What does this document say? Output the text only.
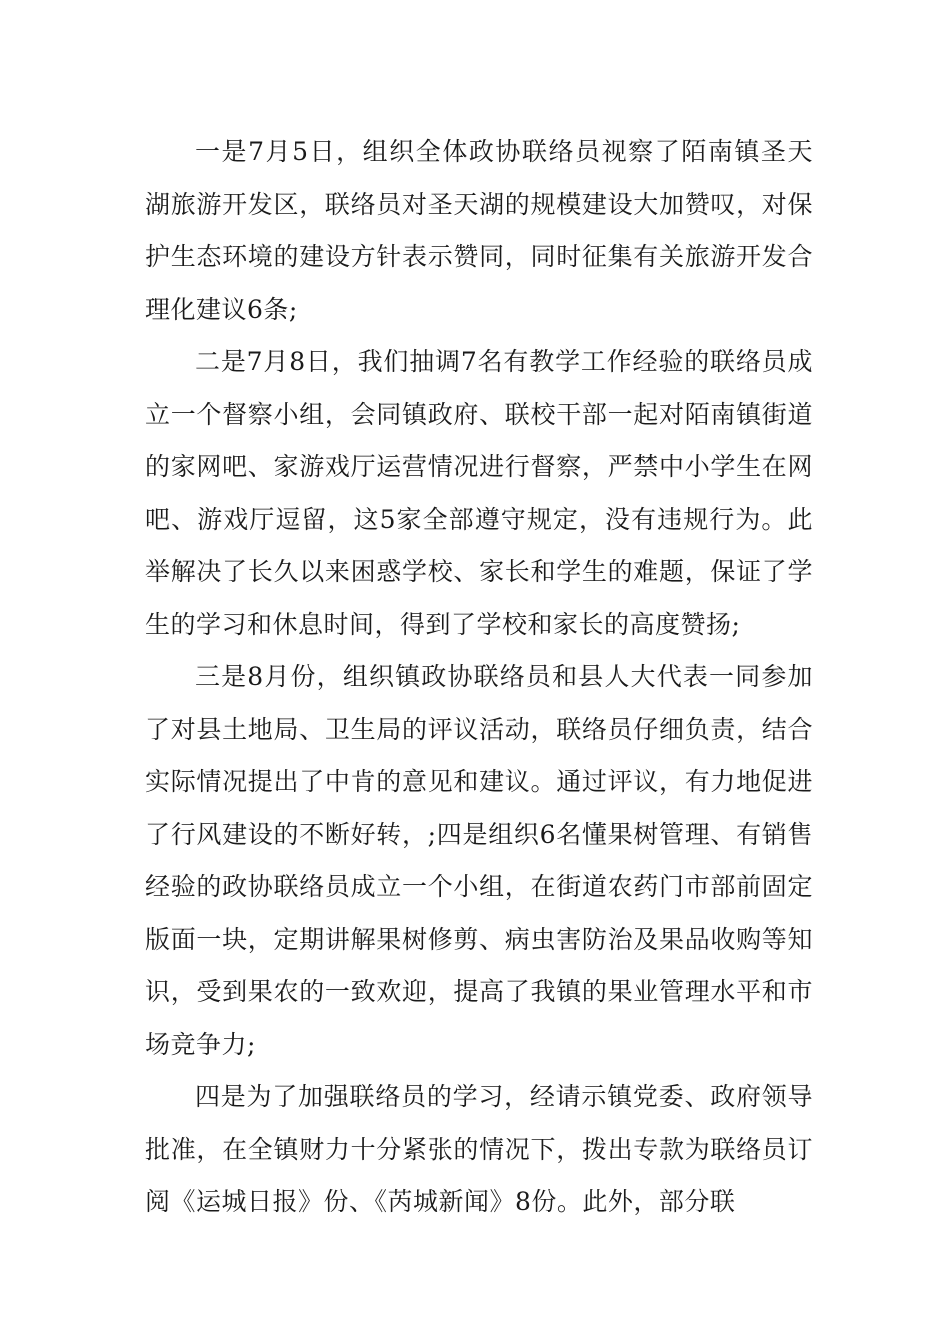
一是7月5日，组织全体政协联络员视察了陌南镇圣天湖旅游开发区，联络员对圣天湖的规模建设大加赞叹，对保护生态环境的建设方针表示赞同，同时征集有关旅游开发合理化建议6条;

二是7月8日，我们抽调7名有教学工作经验的联络员成立一个督察小组，会同镇政府、联校干部一起对陌南镇街道的家网吧、家游戏厅运营情况进行督察，严禁中小学生在网吧、游戏厅逗留，这5家全部遵守规定，没有违规行为。此举解决了长久以来困惑学校、家长和学生的难题，保证了学生的学习和休息时间，得到了学校和家长的高度赞扬;

三是8月份，组织镇政协联络员和县人大代表一同参加了对县土地局、卫生局的评议活动，联络员仔细负责，结合实际情况提出了中肯的意见和建议。通过评议，有力地促进了行风建设的不断好转，;四是组织6名懂果树管理、有销售经验的政协联络员成立一个小组，在街道农药门市部前固定版面一块，定期讲解果树修剪、病虫害防治及果品收购等知识，受到果农的一致欢迎，提高了我镇的果业管理水平和市场竞争力;

四是为了加强联络员的学习，经请示镇党委、政府领导批准，在全镇财力十分紧张的情况下，拨出专款为联络员订阅《运城日报》份、《芮城新闻》8份。此外，部分联
